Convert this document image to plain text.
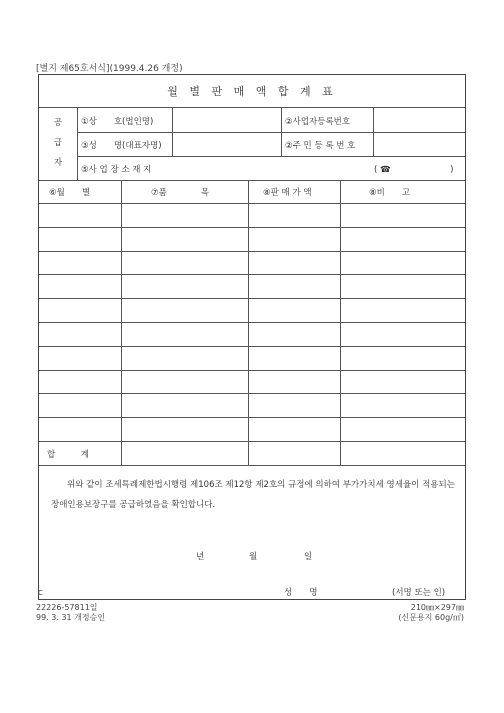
[별지 제65호서식](1999.4.26 개정)
월 별 판 매 액 합 계 표
공
급
자
①상　　호(법인명)	②사업자등록번호
③성　　명(대표자명)	②주 민 등 록 번 호
⑤사 업 장 소 재 지	( ☎　　　　　　　)
⑥월　　별	⑦품　　　　목	⑧판 매 가 액	⑧비　　고
합　　　계
위와 같이 조세특례제한법시행령 제106조 제12항 제2호의 규정에 의하여 부가가치세 영세율이 적용되는 장애인용보장구를 공급하였음을 확인합니다.
년	월	일
성　　명	(서명 또는 인)
C
22226-57811일
99. 3. 31 개정승인
210㎜×297㎜
(신문용지 60g/㎡)
